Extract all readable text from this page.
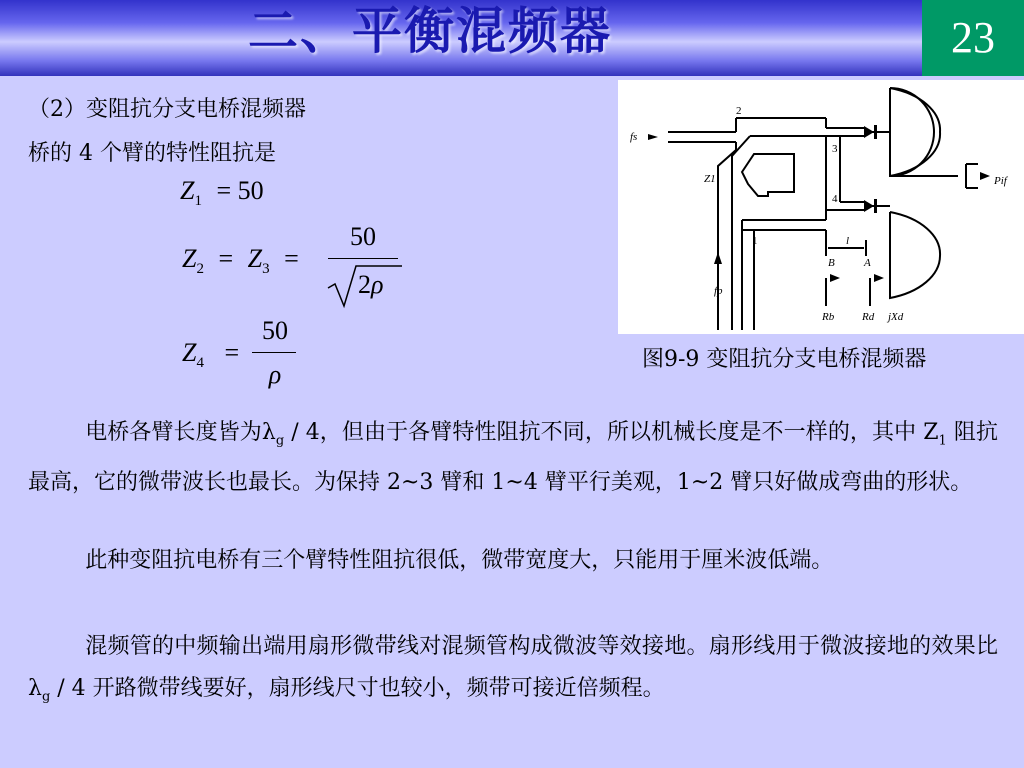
二、平衡混频器	23
（2）变阻抗分支电桥混频器
桥的 4 个臂的特性阻抗是
$Z_1 = 50$
$Z_2 = Z_3$ =
50
2ρ
$Z_4$ =
50
ρ
fs
Z1
fp
Pif
B	A
l
Rb	Rd jXd
2
3
4
1
图9-9 变阻抗分支电桥混频器
电桥各臂长度皆为$\lambda_g / 4$，但由于各臂特性阻抗不同，所以机械长度是不一样的，其中 $Z_1$ 阻抗最高，它的微带波长也最长。为保持 2~3 臂和 1~4 臂平行美观，1~2 臂只好做成弯曲的形状。
此种变阻抗电桥有三个臂特性阻抗很低，微带宽度大，只能用于厘米波低端。
混频管的中频输出端用扇形微带线对混频管构成微波等效接地。扇形线用于微波接地的效果比$\lambda_g / 4$ 开路微带线要好，扇形线尺寸也较小，频带可接近倍频程。
